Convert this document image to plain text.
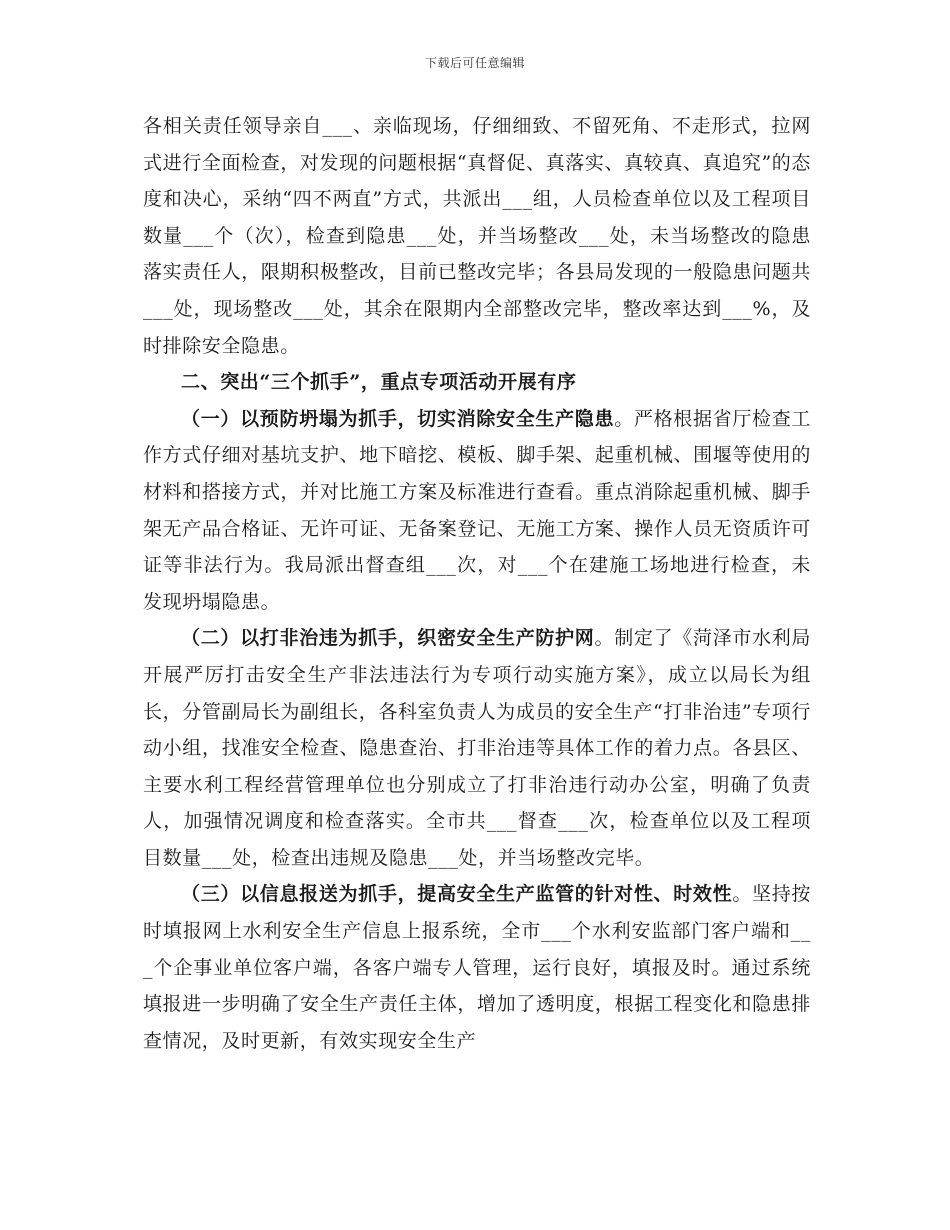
下载后可任意编辑

各相关责任领导亲自___、亲临现场，仔细细致、不留死角、不走形式，拉网式进行全面检查，对发现的问题根据“真督促、真落实、真较真、真追究”的态度和决心，采纳“四不两直”方式，共派出___组，人员检查单位以及工程项目数量___个（次），检查到隐患___处，并当场整改___处，未当场整改的隐患落实责任人，限期积极整改，目前已整改完毕；各县局发现的一般隐患问题共___处，现场整改___处，其余在限期内全部整改完毕，整改率达到___%，及时排除安全隐患。

二、突出“三个抓手”，重点专项活动开展有序

（一）以预防坍塌为抓手，切实消除安全生产隐患。严格根据省厅检查工作方式仔细对基坑支护、地下暗挖、模板、脚手架、起重机械、围堰等使用的材料和搭接方式，并对比施工方案及标准进行查看。重点消除起重机械、脚手架无产品合格证、无许可证、无备案登记、无施工方案、操作人员无资质许可证等非法行为。我局派出督查组___次，对___个在建施工场地进行检查，未发现坍塌隐患。

（二）以打非治违为抓手，织密安全生产防护网。制定了《菏泽市水利局开展严厉打击安全生产非法违法行为专项行动实施方案》，成立以局长为组长，分管副局长为副组长，各科室负责人为成员的安全生产“打非治违”专项行动小组，找准安全检查、隐患查治、打非治违等具体工作的着力点。各县区、主要水利工程经营管理单位也分别成立了打非治违行动办公室，明确了负责人，加强情况调度和检查落实。全市共___督查___次，检查单位以及工程项目数量___处，检查出违规及隐患___处，并当场整改完毕。

（三）以信息报送为抓手，提高安全生产监管的针对性、时效性。坚持按时填报网上水利安全生产信息上报系统，全市___个水利安监部门客户端和___个企事业单位客户端，各客户端专人管理，运行良好，填报及时。通过系统填报进一步明确了安全生产责任主体，增加了透明度，根据工程变化和隐患排查情况，及时更新，有效实现安全生产
